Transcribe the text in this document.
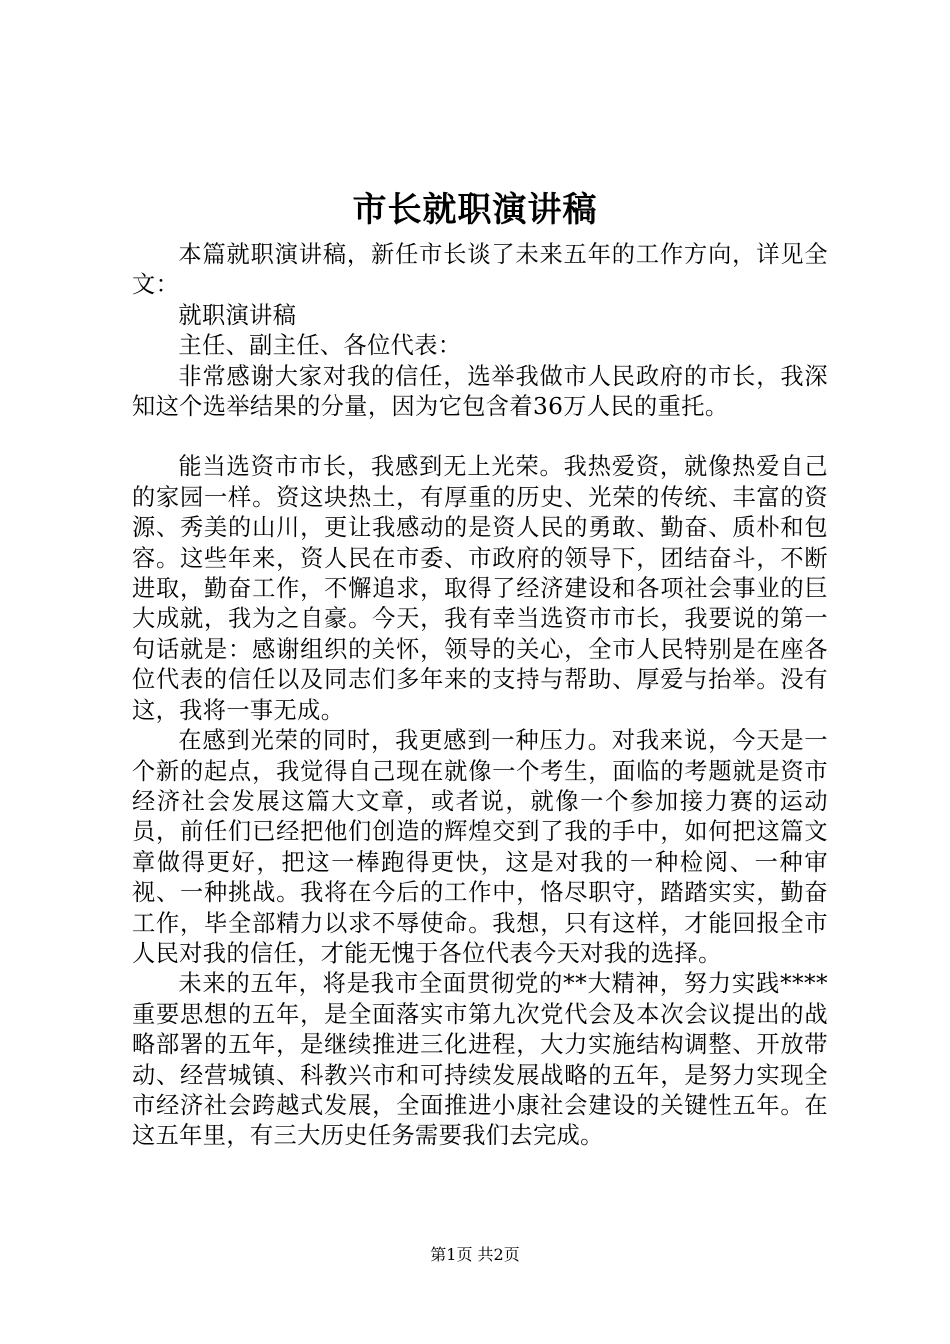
市长就职演讲稿

本篇就职演讲稿，新任市长谈了未来五年的工作方向，详见全文：

就职演讲稿

主任、副主任、各位代表：

非常感谢大家对我的信任，选举我做市人民政府的市长，我深知这个选举结果的分量，因为它包含着36万人民的重托。

能当选资市市长，我感到无上光荣。我热爱资，就像热爱自己的家园一样。资这块热土，有厚重的历史、光荣的传统、丰富的资源、秀美的山川，更让我感动的是资人民的勇敢、勤奋、质朴和包容。这些年来，资人民在市委、市政府的领导下，团结奋斗，不断进取，勤奋工作，不懈追求，取得了经济建设和各项社会事业的巨大成就，我为之自豪。今天，我有幸当选资市市长，我要说的第一句话就是：感谢组织的关怀，领导的关心，全市人民特别是在座各位代表的信任以及同志们多年来的支持与帮助、厚爱与抬举。没有这，我将一事无成。

在感到光荣的同时，我更感到一种压力。对我来说，今天是一个新的起点，我觉得自己现在就像一个考生，面临的考题就是资市经济社会发展这篇大文章，或者说，就像一个参加接力赛的运动员，前任们已经把他们创造的辉煌交到了我的手中，如何把这篇文章做得更好，把这一棒跑得更快，这是对我的一种检阅、一种审视、一种挑战。我将在今后的工作中，恪尽职守，踏踏实实，勤奋工作，毕全部精力以求不辱使命。我想，只有这样，才能回报全市人民对我的信任，才能无愧于各位代表今天对我的选择。

未来的五年，将是我市全面贯彻党的**大精神，努力实践****重要思想的五年，是全面落实市第九次党代会及本次会议提出的战略部署的五年，是继续推进三化进程，大力实施结构调整、开放带动、经营城镇、科教兴市和可持续发展战略的五年，是努力实现全市经济社会跨越式发展，全面推进小康社会建设的关键性五年。在这五年里，有三大历史任务需要我们去完成。

第1页 共2页
